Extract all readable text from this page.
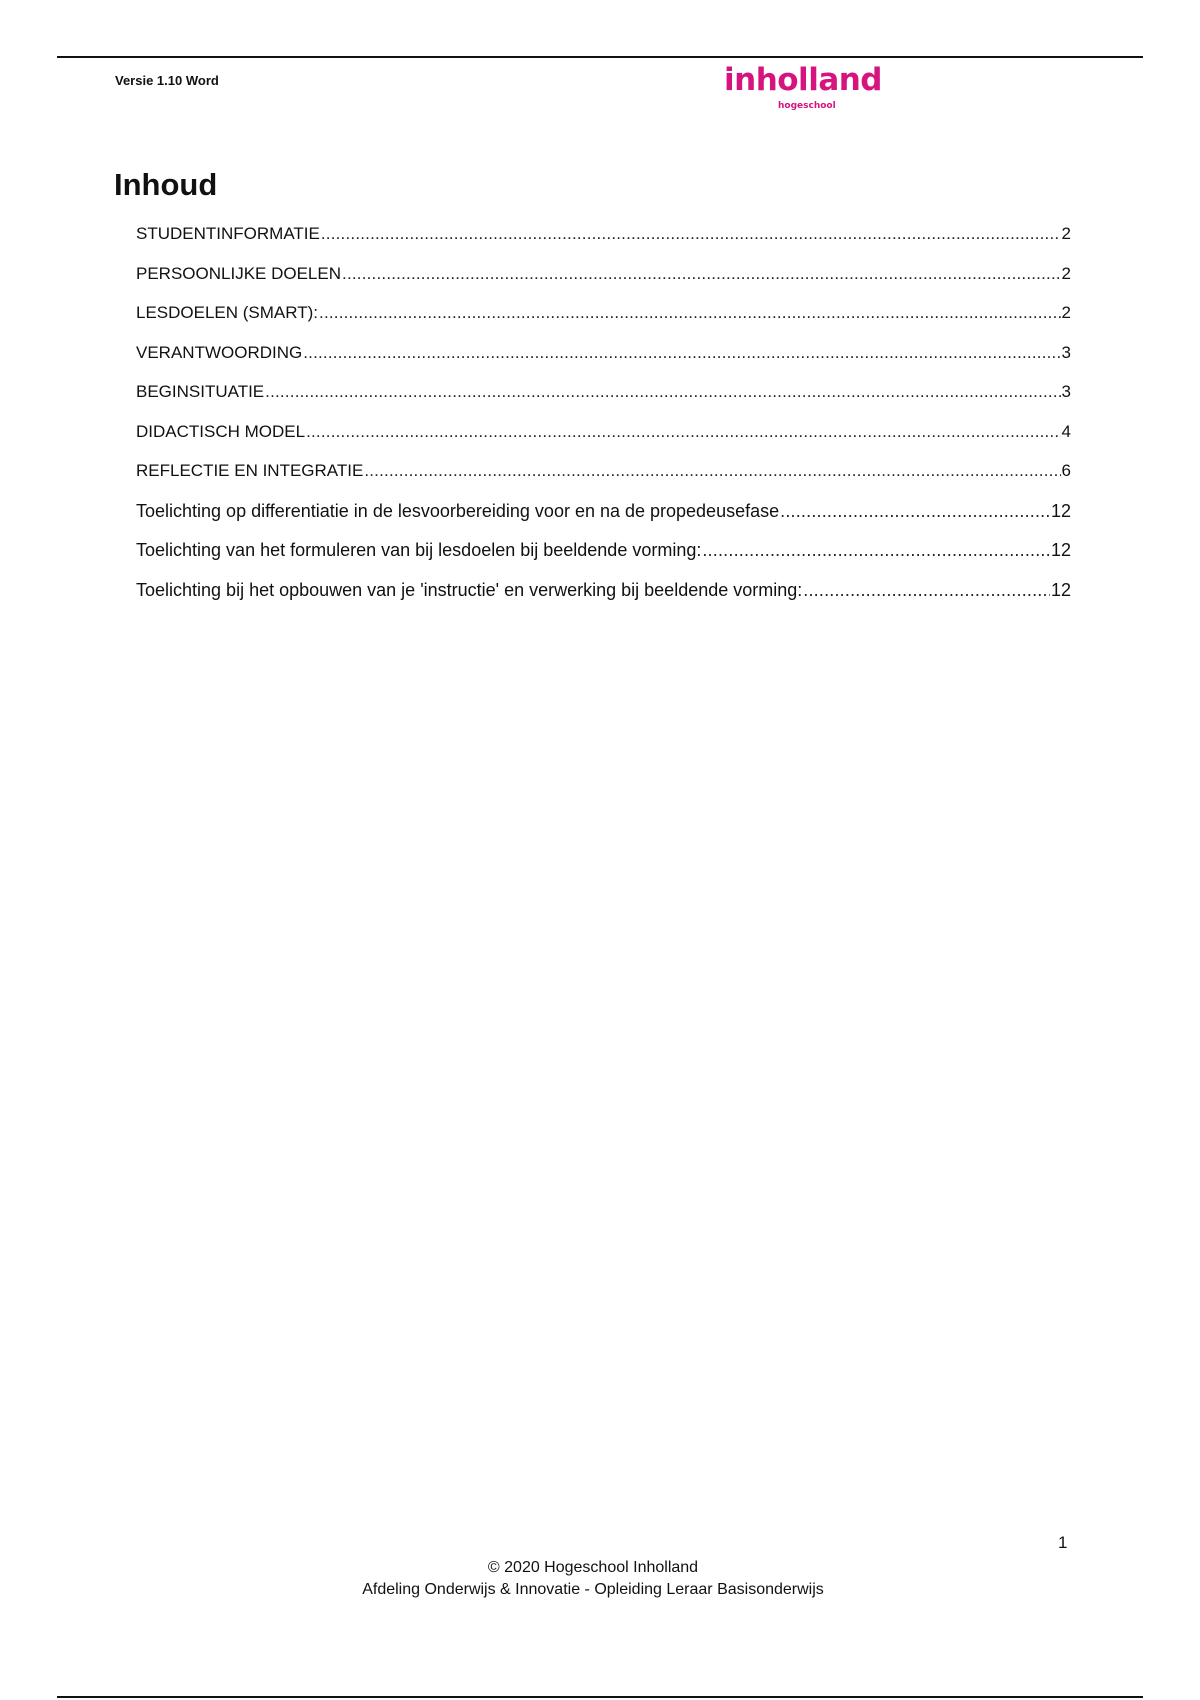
Versie 1.10 Word	inholland
hogeschool
Inhoud
STUDENTINFORMATIE .....	2
PERSOONLIJKE DOELEN .....	2
LESDOELEN (SMART): .....	2
VERANTWOORDING .....	3
BEGINSITUATIE .....	3
DIDACTISCH MODEL .....	4
REFLECTIE EN INTEGRATIE .....	6
Toelichting op differentiatie in de lesvoorbereiding voor en na de propedeusefase .....	12
Toelichting van het formuleren van bij lesdoelen bij beeldende vorming: .....	12
Toelichting bij het opbouwen van je 'instructie' en verwerking bij beeldende vorming: .....	12
1
© 2020 Hogeschool Inholland
Afdeling Onderwijs & Innovatie - Opleiding Leraar Basisonderwijs
